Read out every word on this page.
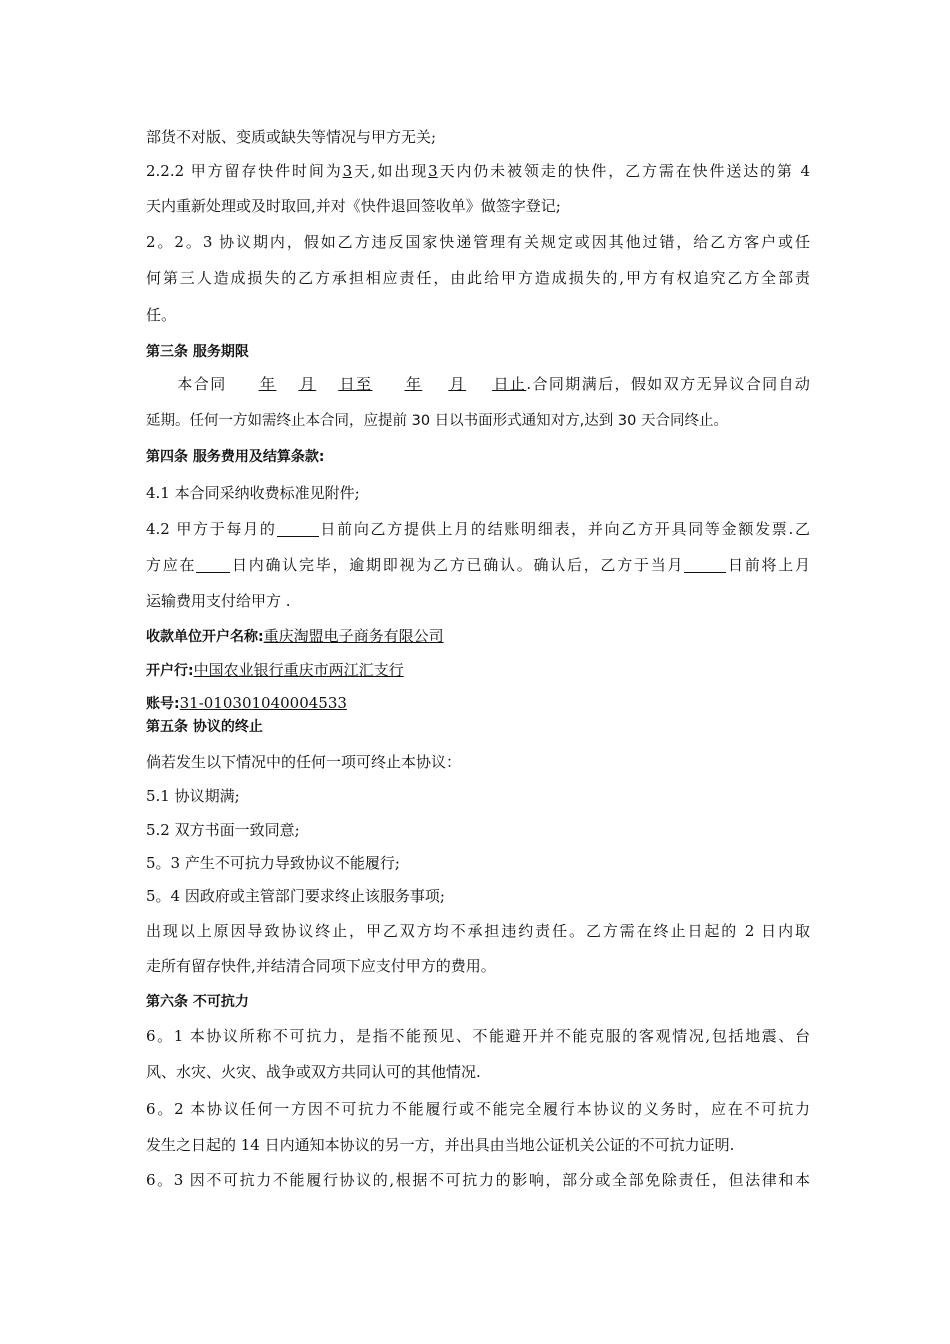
部货不对版、变质或缺失等情况与甲方无关;
2.2.2 甲方留存快件时间为3天,如出现3天内仍未被领走的快件，乙方需在快件送达的第 4
天内重新处理或及时取回,并对《快件退回签收单》做签字登记;
2。2。3 协议期内，假如乙方违反国家快递管理有关规定或因其他过错，给乙方客户或任
何第三人造成损失的乙方承担相应责任，由此给甲方造成损失的,甲方有权追究乙方全部责
任。
第三条 服务期限
本合同 年 月 日至 年 月 日止.合同期满后，假如双方无异议合同自动
延期。任何一方如需终止本合同，应提前 30 日以书面形式通知对方,达到 30 天合同终止。
第四条 服务费用及结算条款:
4.1 本合同采纳收费标准见附件;
4.2 甲方于每月的	日前向乙方提供上月的结账明细表，并向乙方开具同等金额发票.乙
方应在 日内确认完毕，逾期即视为乙方已确认。确认后，乙方于当月	日前将上月
运输费用支付给甲方 .
收款单位开户名称:重庆淘盟电子商务有限公司
开户行:中国农业银行重庆市两江汇支行
账号:31-010301040004533
第五条 协议的终止
倘若发生以下情况中的任何一项可终止本协议：
5.1 协议期满;
5.2 双方书面一致同意;
5。3 产生不可抗力导致协议不能履行;
5。4 因政府或主管部门要求终止该服务事项;
出现以上原因导致协议终止，甲乙双方均不承担违约责任。乙方需在终止日起的 2 日内取
走所有留存快件,并结清合同项下应支付甲方的费用。
第六条 不可抗力
6。1 本协议所称不可抗力，是指不能预见、不能避开并不能克服的客观情况,包括地震、台
风、水灾、火灾、战争或双方共同认可的其他情况.
6。2 本协议任何一方因不可抗力不能履行或不能完全履行本协议的义务时，应在不可抗力
发生之日起的 14 日内通知本协议的另一方，并出具由当地公证机关公证的不可抗力证明.
6。3 因不可抗力不能履行协议的,根据不可抗力的影响，部分或全部免除责任，但法律和本
